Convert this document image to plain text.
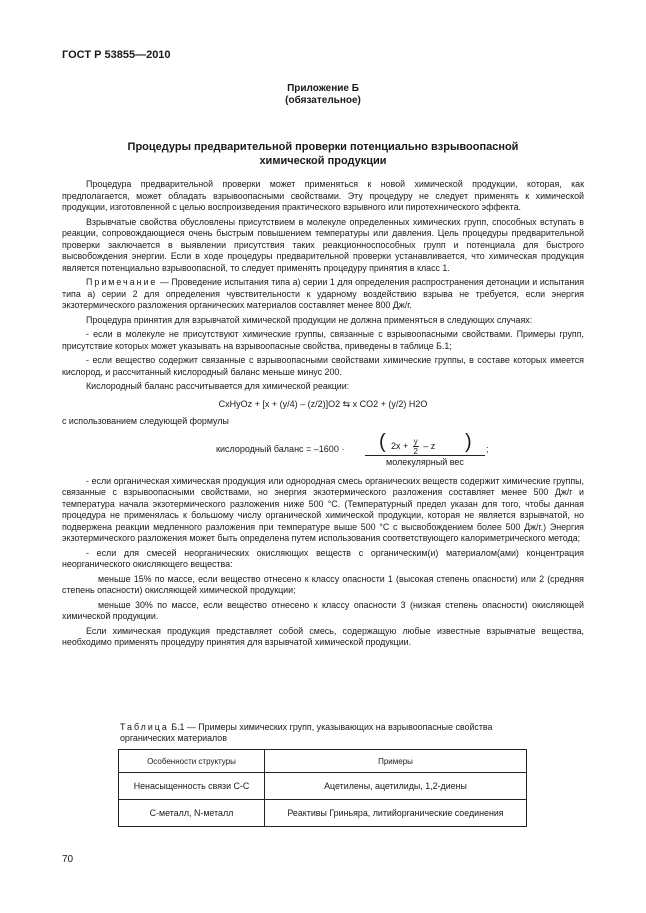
ГОСТ Р 53855—2010
Приложение Б
(обязательное)
Процедуры предварительной проверки потенциально взрывоопасной
химической продукции

Процедура предварительной проверки может применяться к новой химической продукции, которая, как предполагается, может обладать взрывоопасными свойствами. Эту процедуру не следует применять к химической продукции, изготовленной с целью воспроизведения практического взрывного или пиротехнического эффекта.

Взрывчатые свойства обусловлены присутствием в молекуле определенных химических групп, способных вступать в реакции, сопровождающиеся очень быстрым повышением температуры или давления. Цель процедуры предварительной проверки заключается в выявлении присутствия таких реакционноспособных групп и потенциала для быстрого высвобождения энергии. Если в ходе процедуры предварительной проверки устанавливается, что химическая продукция является потенциально взрывоопасной, то следует применять процедуру принятия в класс 1.

Примечание — Проведение испытания типа а) серии 1 для определения распространения детонации и испытания типа а) серии 2 для определения чувствительности к ударному воздействию взрыва не требуется, если энергия экзотермического разложения органических материалов составляет менее 800 Дж/г.

Процедура принятия для взрывчатой химической продукции не должна применяться в следующих случаях:

- если в молекуле не присутствуют химические группы, связанные с взрывоопасными свойствами. Примеры групп, присутствие которых может указывать на взрывоопасные свойства, приведены в таблице Б.1;

- если вещество содержит связанные с взрывоопасными свойствами химические группы, в составе которых имеется кислород, и рассчитанный кислородный баланс меньше минус 200.

Кислородный баланс рассчитывается для химической реакции:

CxHyOz + [x + (y/4) – (z/2)]O2 ⇆ x CO2 + (y/2) H2O

с использованием следующей формулы

кислородный баланс = –1600 · ( $2x + \frac{y}{2} - z$ )
молекулярный вес
;

- если органическая химическая продукция или однородная смесь органических веществ содержит химические группы, связанные с взрывоопасными свойствами, но энергия экзотермического разложения составляет менее 500 Дж/г и температура начала экзотермического разложения ниже 500 °С. (Температурный предел указан для того, чтобы данная процедура не применялась к большому числу органической химической продукции, которая не является взрывчатой, но подвержена реакции медленного разложения при температуре выше 500 °С с высвобождением более 500 Дж/г.) Энергия экзотермического разложения может быть определена путем использования соответствующего калориметрического метода;

- если для смесей неорганических окисляющих веществ с органическим(и) материалом(ами) концентрация неорганического окисляющего вещества:

меньше 15% по массе, если вещество отнесено к классу опасности 1 (высокая степень опасности) или 2 (средняя степень опасности) окисляющей химической продукции;

меньше 30% по массе, если вещество отнесено к классу опасности 3 (низкая степень опасности) окисляющей химической продукции.

Если химическая продукция представляет собой смесь, содержащую любые известные взрывчатые вещества, необходимо применять процедуру принятия для взрывчатой химической продукции.

Таблица Б.1 — Примеры химических групп, указывающих на взрывоопасные свойства органических материалов
Особенности структуры	Примеры
Ненасыщенность связи C-C	Ацетилены, ацетилиды, 1,2-диены
С-металл, N-металл	Реактивы Гриньяра, литийорганические соединения
70
